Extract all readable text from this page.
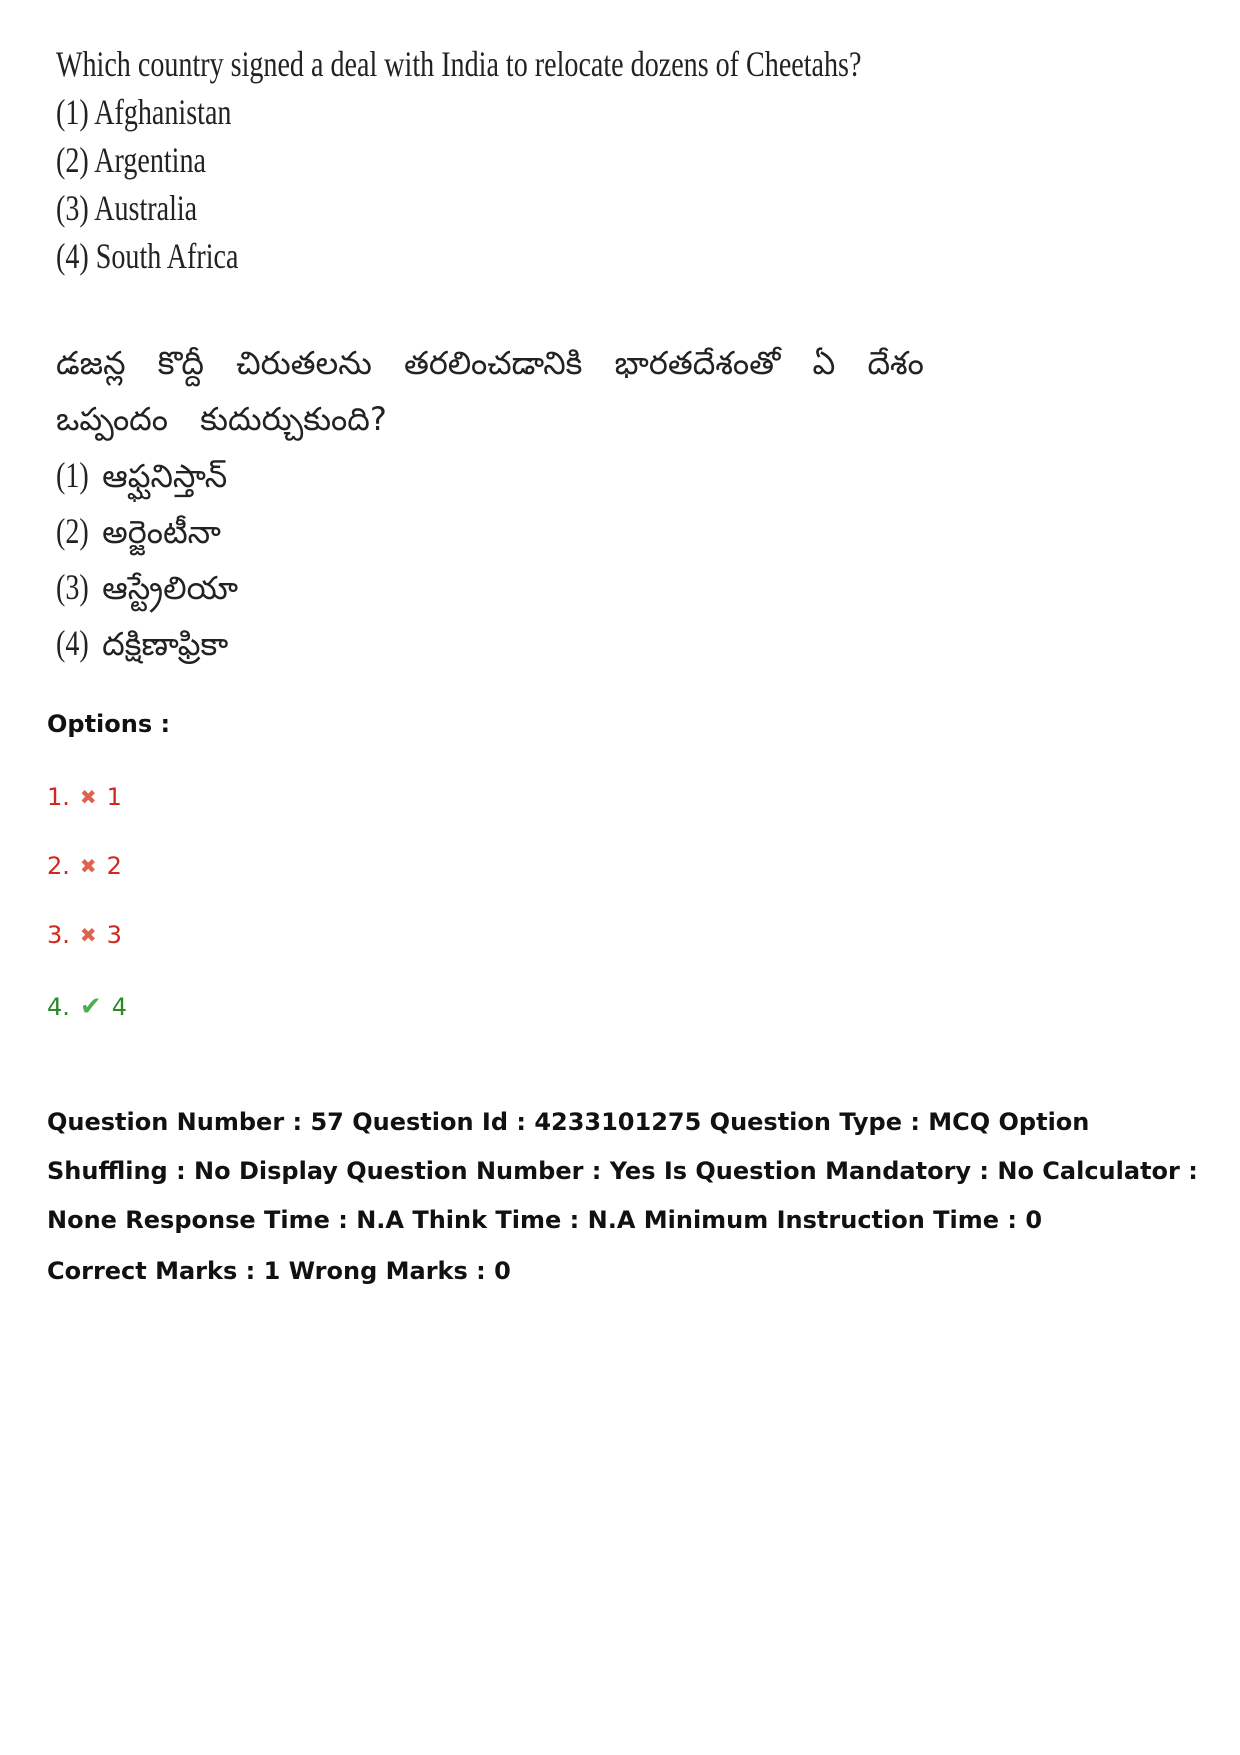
Which country signed a deal with India to relocate dozens of Cheetahs?
(1) Afghanistan
(2) Argentina
(3) Australia
(4) South Africa
డజన్ల కొద్దీ చిరుతలను తరలించడానికి భారతదేశంతో ఏ దేశం ఒప్పందం కుదుర్చుకుంది?
(1) ఆఫ్ఘనిస్తాన్
(2) అర్జెంటీనా
(3) ఆస్ట్రేలియా
(4) దక్షిణాఫ్రికా

Options :

1. ✖ 1
2. ✖ 2
3. ✖ 3
4. ✔ 4
Question Number : 57 Question Id : 4233101275 Question Type : MCQ Option Shuffling : No Display Question Number : Yes Is Question Mandatory : No Calculator : None Response Time : N.A Think Time : N.A Minimum Instruction Time : 0
Correct Marks : 1 Wrong Marks : 0
